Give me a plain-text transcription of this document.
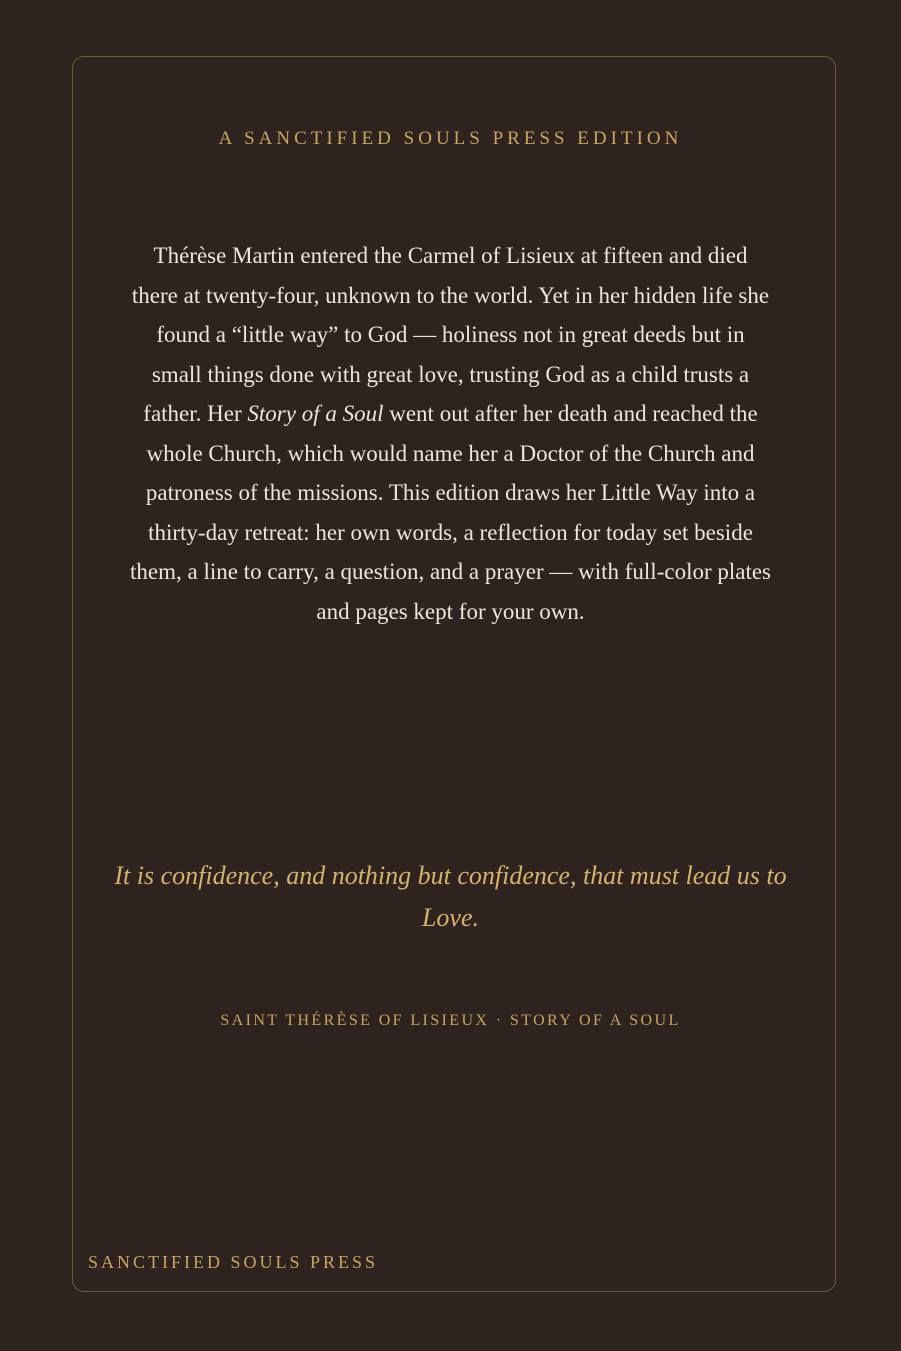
A SANCTIFIED SOULS PRESS EDITION

Thérèse Martin entered the Carmel of Lisieux at fifteen and died there at twenty-four, unknown to the world. Yet in her hidden life she found a “little way” to God — holiness not in great deeds but in small things done with great love, trusting God as a child trusts a father. Her Story of a Soul went out after her death and reached the whole Church, which would name her a Doctor of the Church and patroness of the missions. This edition draws her Little Way into a thirty-day retreat: her own words, a reflection for today set beside them, a line to carry, a question, and a prayer — with full-color plates and pages kept for your own.

It is confidence, and nothing but confidence, that must lead us to Love.

SAINT THÉRÈSE OF LISIEUX · STORY OF A SOUL

SANCTIFIED SOULS PRESS
